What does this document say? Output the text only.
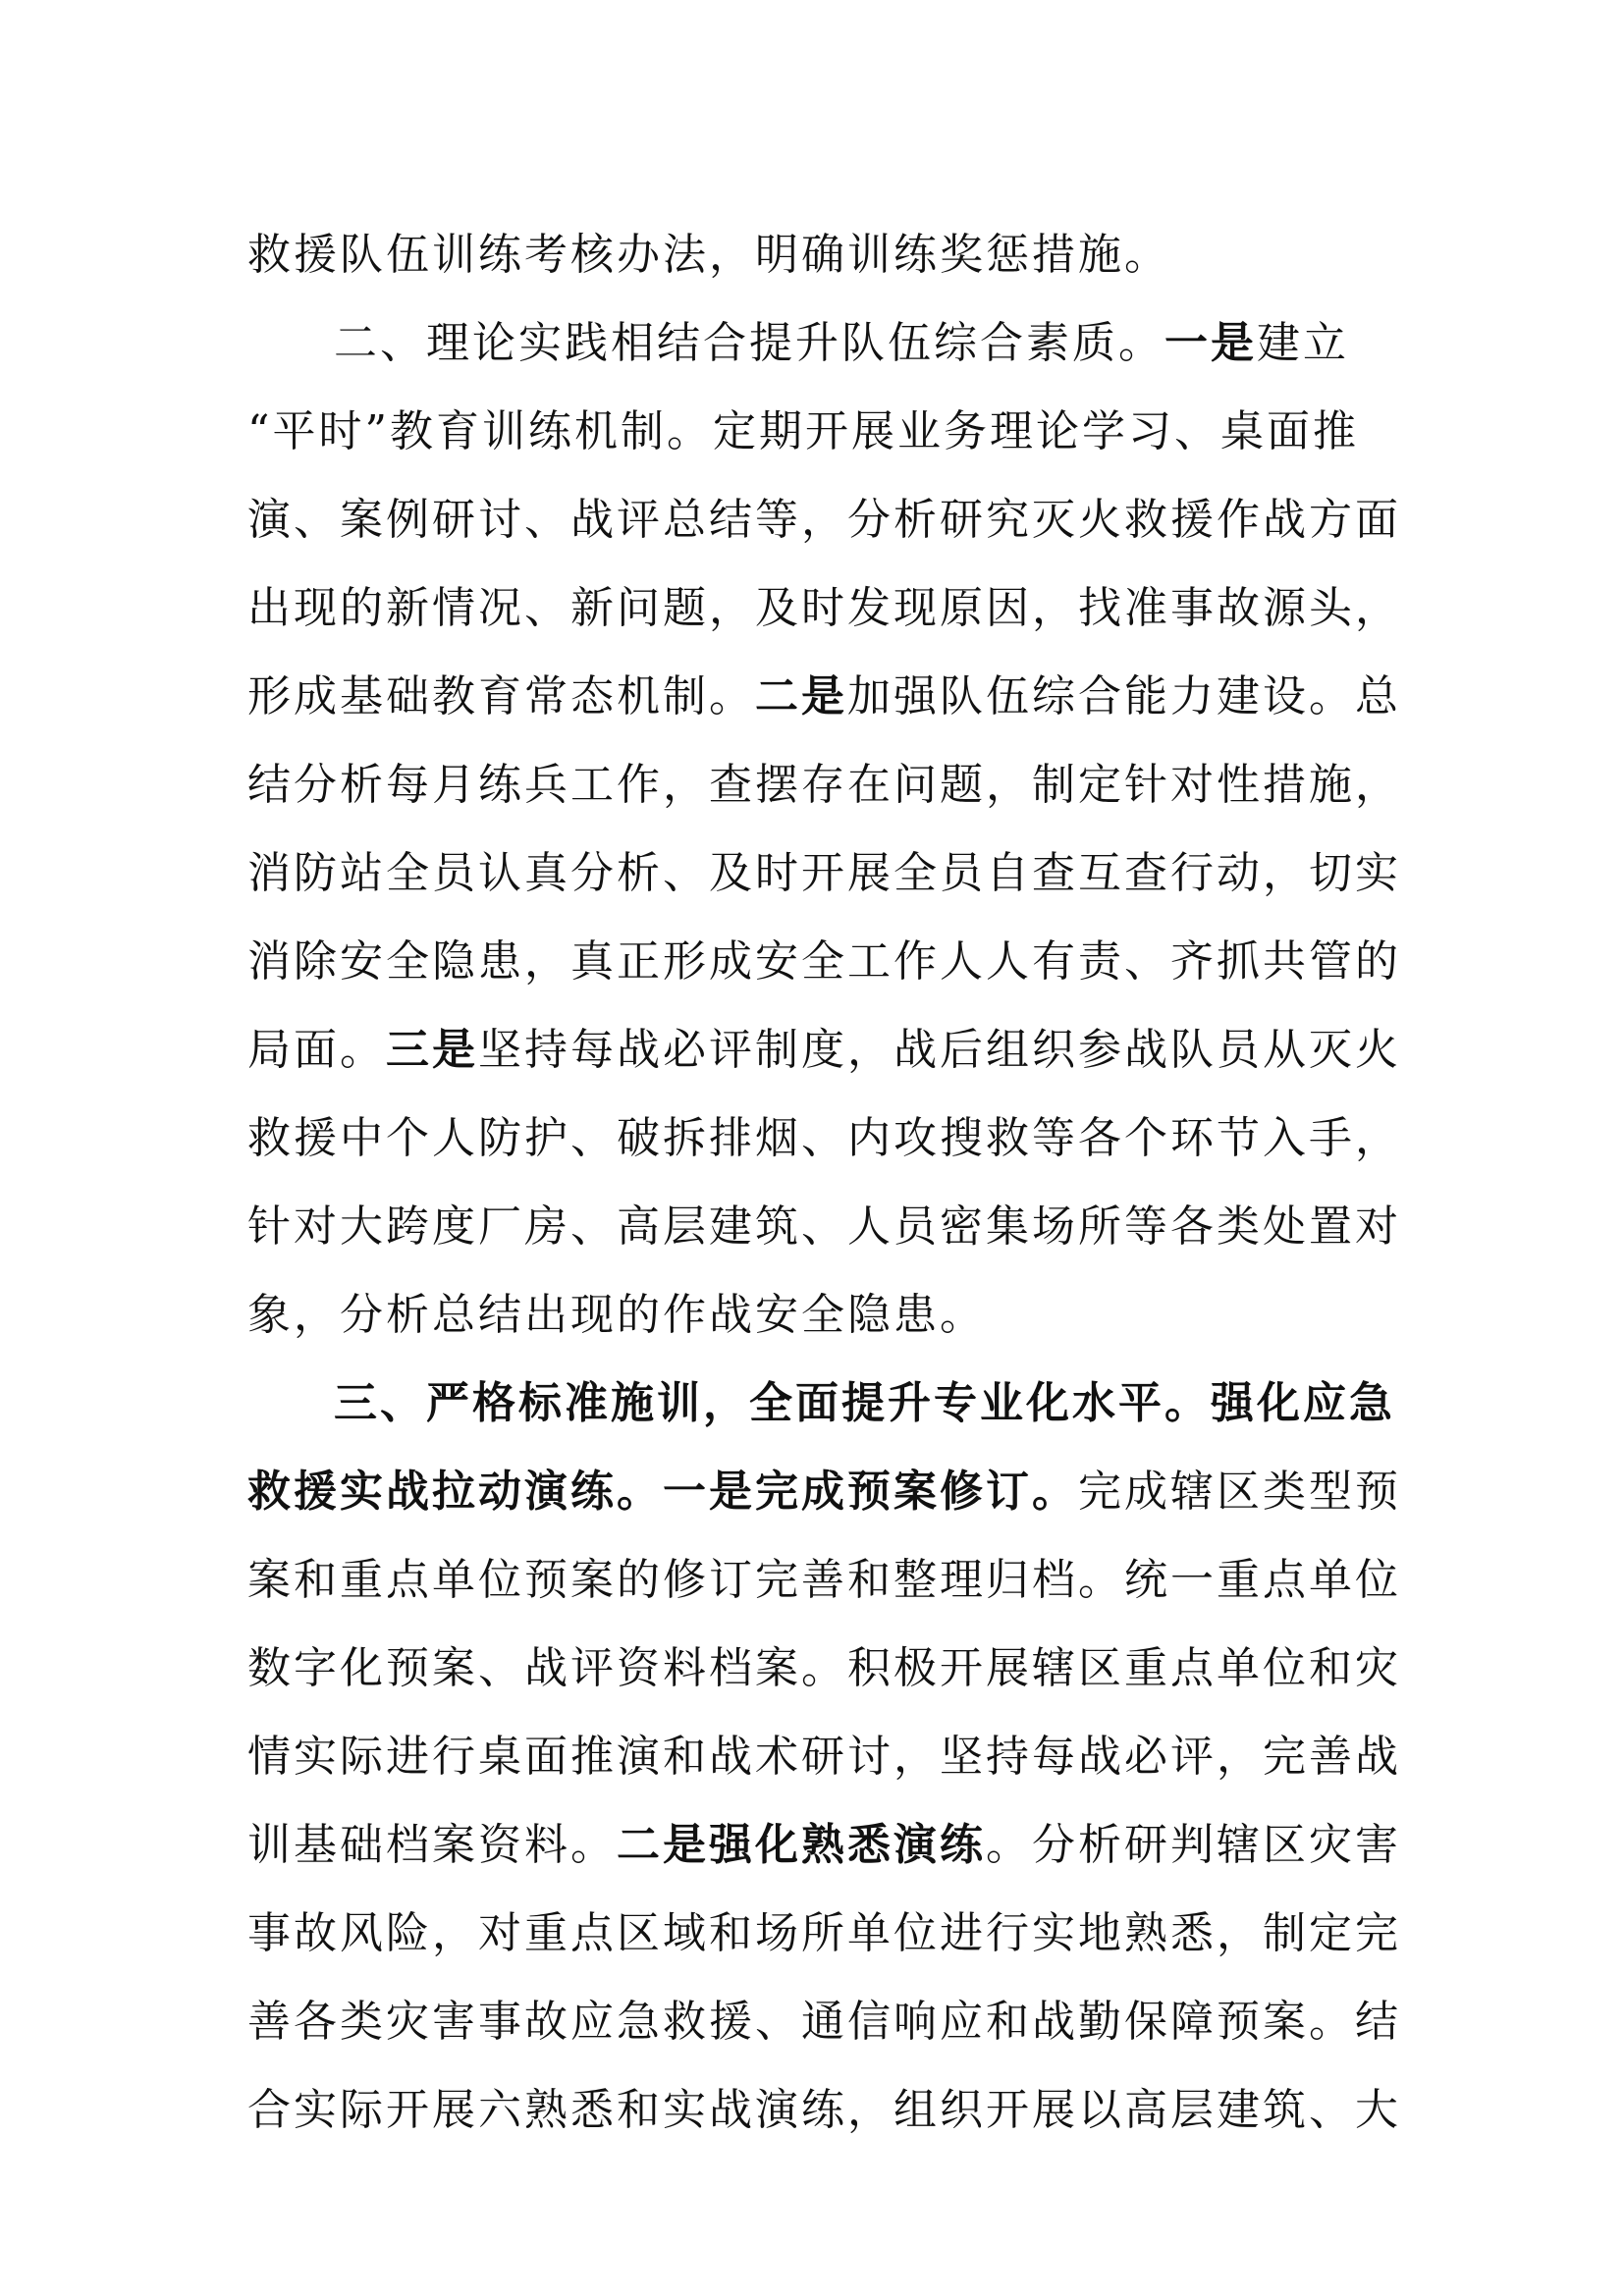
救援队伍训练考核办法，明确训练奖惩措施。
二、理论实践相结合提升队伍综合素质。一是建立
“平时”教育训练机制。定期开展业务理论学习、桌面推
演、案例研讨、战评总结等，分析研究灭火救援作战方面
出现的新情况、新问题，及时发现原因，找准事故源头，
形成基础教育常态机制。二是加强队伍综合能力建设。总
结分析每月练兵工作，查摆存在问题，制定针对性措施，
消防站全员认真分析、及时开展全员自查互查行动，切实
消除安全隐患，真正形成安全工作人人有责、齐抓共管的
局面。三是坚持每战必评制度，战后组织参战队员从灭火
救援中个人防护、破拆排烟、内攻搜救等各个环节入手，
针对大跨度厂房、高层建筑、人员密集场所等各类处置对
象，分析总结出现的作战安全隐患。
三、严格标准施训，全面提升专业化水平。强化应急
救援实战拉动演练。一是完成预案修订。完成辖区类型预
案和重点单位预案的修订完善和整理归档。统一重点单位
数字化预案、战评资料档案。积极开展辖区重点单位和灾
情实际进行桌面推演和战术研讨，坚持每战必评，完善战
训基础档案资料。二是强化熟悉演练。分析研判辖区灾害
事故风险，对重点区域和场所单位进行实地熟悉，制定完
善各类灾害事故应急救援、通信响应和战勤保障预案。结
合实际开展六熟悉和实战演练，组织开展以高层建筑、大
